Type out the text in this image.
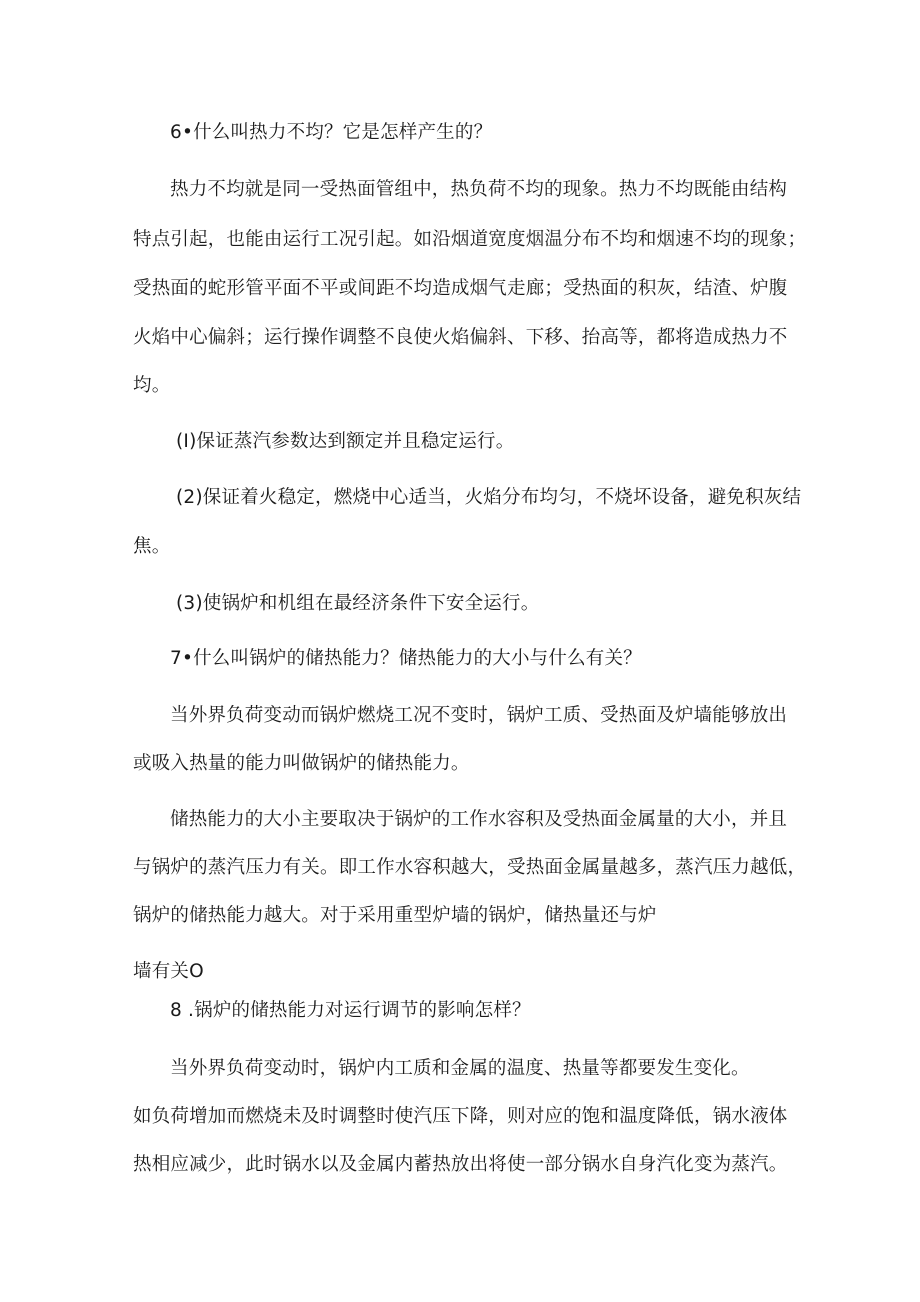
6•什么叫热力不均？它是怎样产生的？
热力不均就是同一受热面管组中，热负荷不均的现象。热力不均既能由结构
特点引起，也能由运行工况引起。如沿烟道宽度烟温分布不均和烟速不均的现象；
受热面的蛇形管平面不平或间距不均造成烟气走廊；受热面的积灰，结渣、炉腹
火焰中心偏斜；运行操作调整不良使火焰偏斜、下移、抬高等，都将造成热力不
均。
(I)保证蒸汽参数达到额定并且稳定运行。
(2)保证着火稳定，燃烧中心适当，火焰分布均匀，不烧坏设备，避免积灰结
焦。
(3)使锅炉和机组在最经济条件下安全运行。
7•什么叫锅炉的储热能力？储热能力的大小与什么有关？
当外界负荷变动而锅炉燃烧工况不变时，锅炉工质、受热面及炉墙能够放出
或吸入热量的能力叫做锅炉的储热能力。
储热能力的大小主要取决于锅炉的工作水容积及受热面金属量的大小，并且
与锅炉的蒸汽压力有关。即工作水容积越大，受热面金属量越多，蒸汽压力越低，
锅炉的储热能力越大。对于采用重型炉墙的锅炉，储热量还与炉
墙有关O
8 .锅炉的储热能力对运行调节的影响怎样？
当外界负荷变动时，锅炉内工质和金属的温度、热量等都要发生变化。
如负荷增加而燃烧未及时调整时使汽压下降，则对应的饱和温度降低，锅水液体
热相应减少，此时锅水以及金属内蓄热放出将使一部分锅水自身汽化变为蒸汽。
